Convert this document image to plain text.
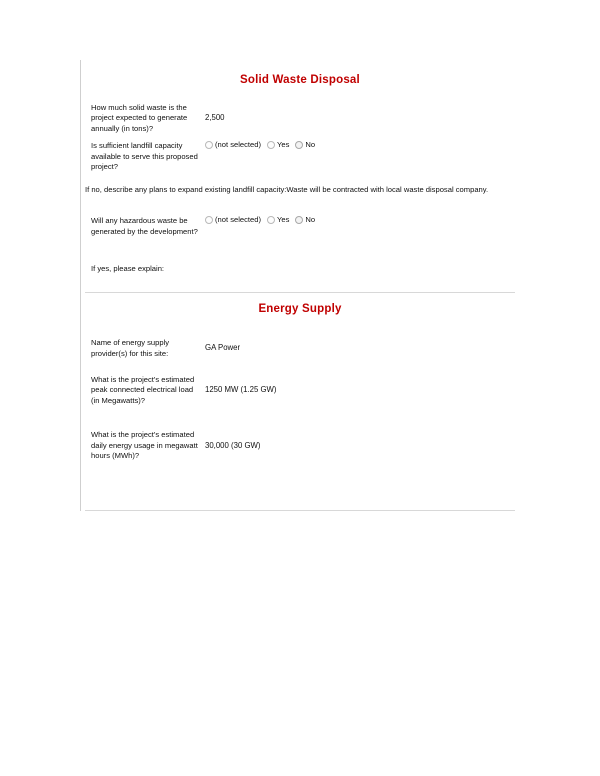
Solid Waste Disposal
How much solid waste is the project expected to generate annually (in tons)?
2,500
Is sufficient landfill capacity available to serve this proposed project?
(not selected) Yes No
If no, describe any plans to expand existing landfill capacity: Waste will be contracted with local waste disposal company.
Will any hazardous waste be generated by the development?
(not selected) Yes No
If yes, please explain:
Energy Supply
Name of energy supply provider(s) for this site:
GA Power
What is the project's estimated peak connected electrical load (in Megawatts)?
1250 MW (1.25 GW)
What is the project's estimated daily energy usage in megawatt hours (MWh)?
30,000 (30 GW)
